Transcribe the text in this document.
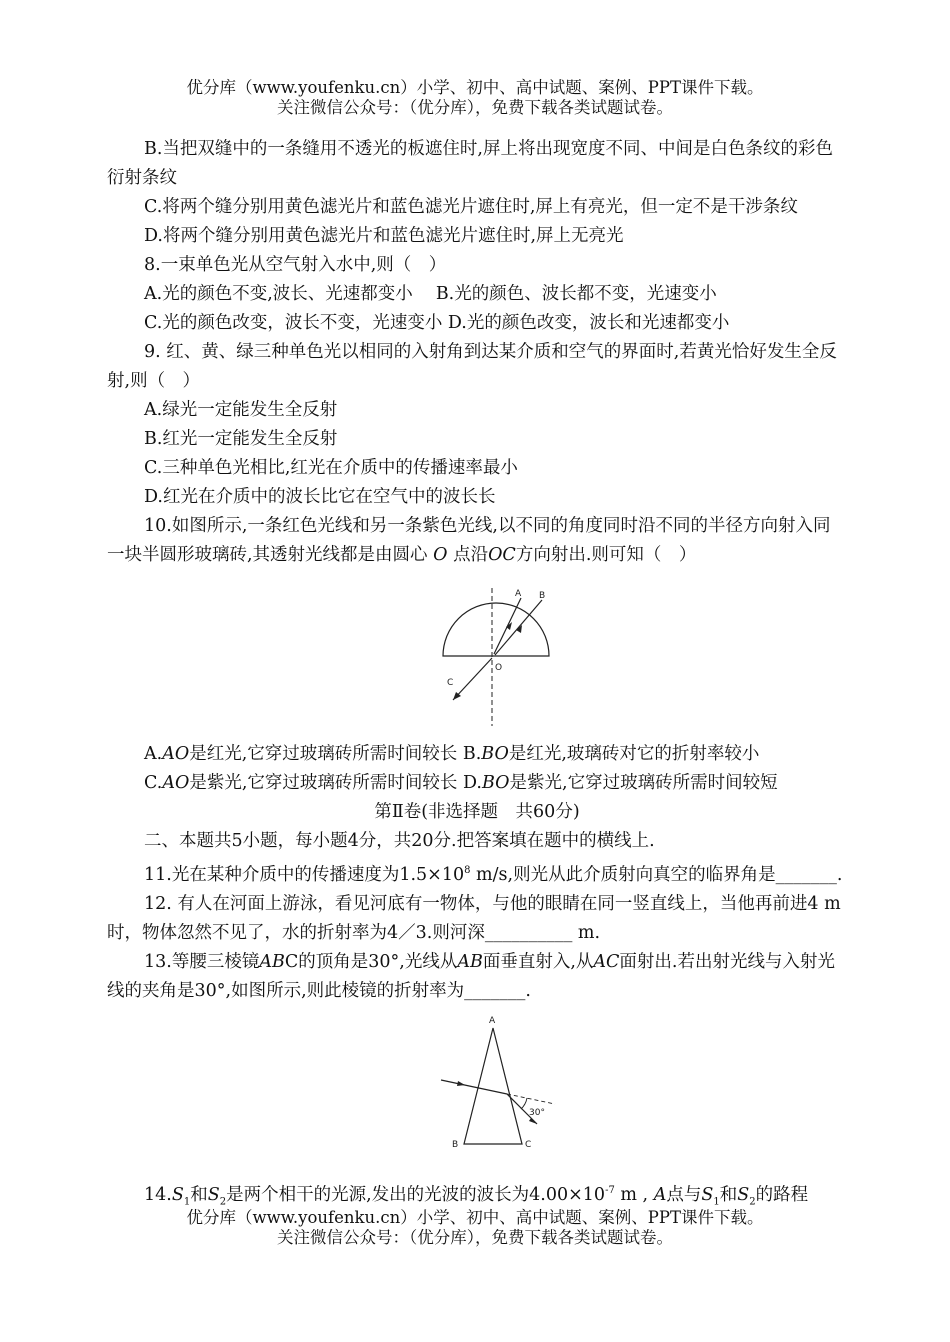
优分库（www.youfenku.cn）小学、初中、高中试题、案例、PPT课件下载。
关注微信公众号：（优分库），免费下载各类试题试卷。

B.当把双缝中的一条缝用不透光的板遮住时,屏上将出现宽度不同、中间是白色条纹的彩色衍射条纹

C.将两个缝分别用黄色滤光片和蓝色滤光片遮住时,屏上有亮光，但一定不是干涉条纹

D.将两个缝分别用黄色滤光片和蓝色滤光片遮住时,屏上无亮光

8.一束单色光从空气射入水中,则（　）

A.光的颜色不变,波长、光速都变小　 B.光的颜色、波长都不变，光速变小

C.光的颜色改变，波长不变，光速变小 D.光的颜色改变，波长和光速都变小

9. 红、黄、绿三种单色光以相同的入射角到达某介质和空气的界面时,若黄光恰好发生全反射,则（　）

A.绿光一定能发生全反射

B.红光一定能发生全反射

C.三种单色光相比,红光在介质中的传播速率最小

D.红光在介质中的波长比它在空气中的波长长

10.如图所示,一条红色光线和另一条紫色光线,以不同的角度同时沿不同的半径方向射入同一块半圆形玻璃砖,其透射光线都是由圆心 O 点沿OC方向射出.则可知（　）

A B
C
O

A.AO是红光,它穿过玻璃砖所需时间较长 B.BO是红光,玻璃砖对它的折射率较小

C.AO是紫光,它穿过玻璃砖所需时间较长 D.BO是紫光,它穿过玻璃砖所需时间较短

第Ⅱ卷(非选择题　共60分)

二、本题共5小题，每小题4分，共20分.把答案填在题中的横线上.

11.光在某种介质中的传播速度为$1.5\times 10^8$ m/s,则光从此介质射向真空的临界角是_______.

12. 有人在河面上游泳，看见河底有一物体，与他的眼睛在同一竖直线上，当他再前进4 m时，物体忽然不见了，水的折射率为4／3.则河深__________ m.

13.等腰三棱镜ABC的顶角是30°,光线从AB面垂直射入,从AC面射出.若出射光线与入射光线的夹角是30°,如图所示,则此棱镜的折射率为_______.

A
B	C
30°

$14.S_1$和$S_2$是两个相干的光源,发出的光波的波长为$4.00\times 10^{-7}$ m , A点与$S_1$和$S_2$的路程

优分库（www.youfenku.cn）小学、初中、高中试题、案例、PPT课件下载。
关注微信公众号：（优分库），免费下载各类试题试卷。
